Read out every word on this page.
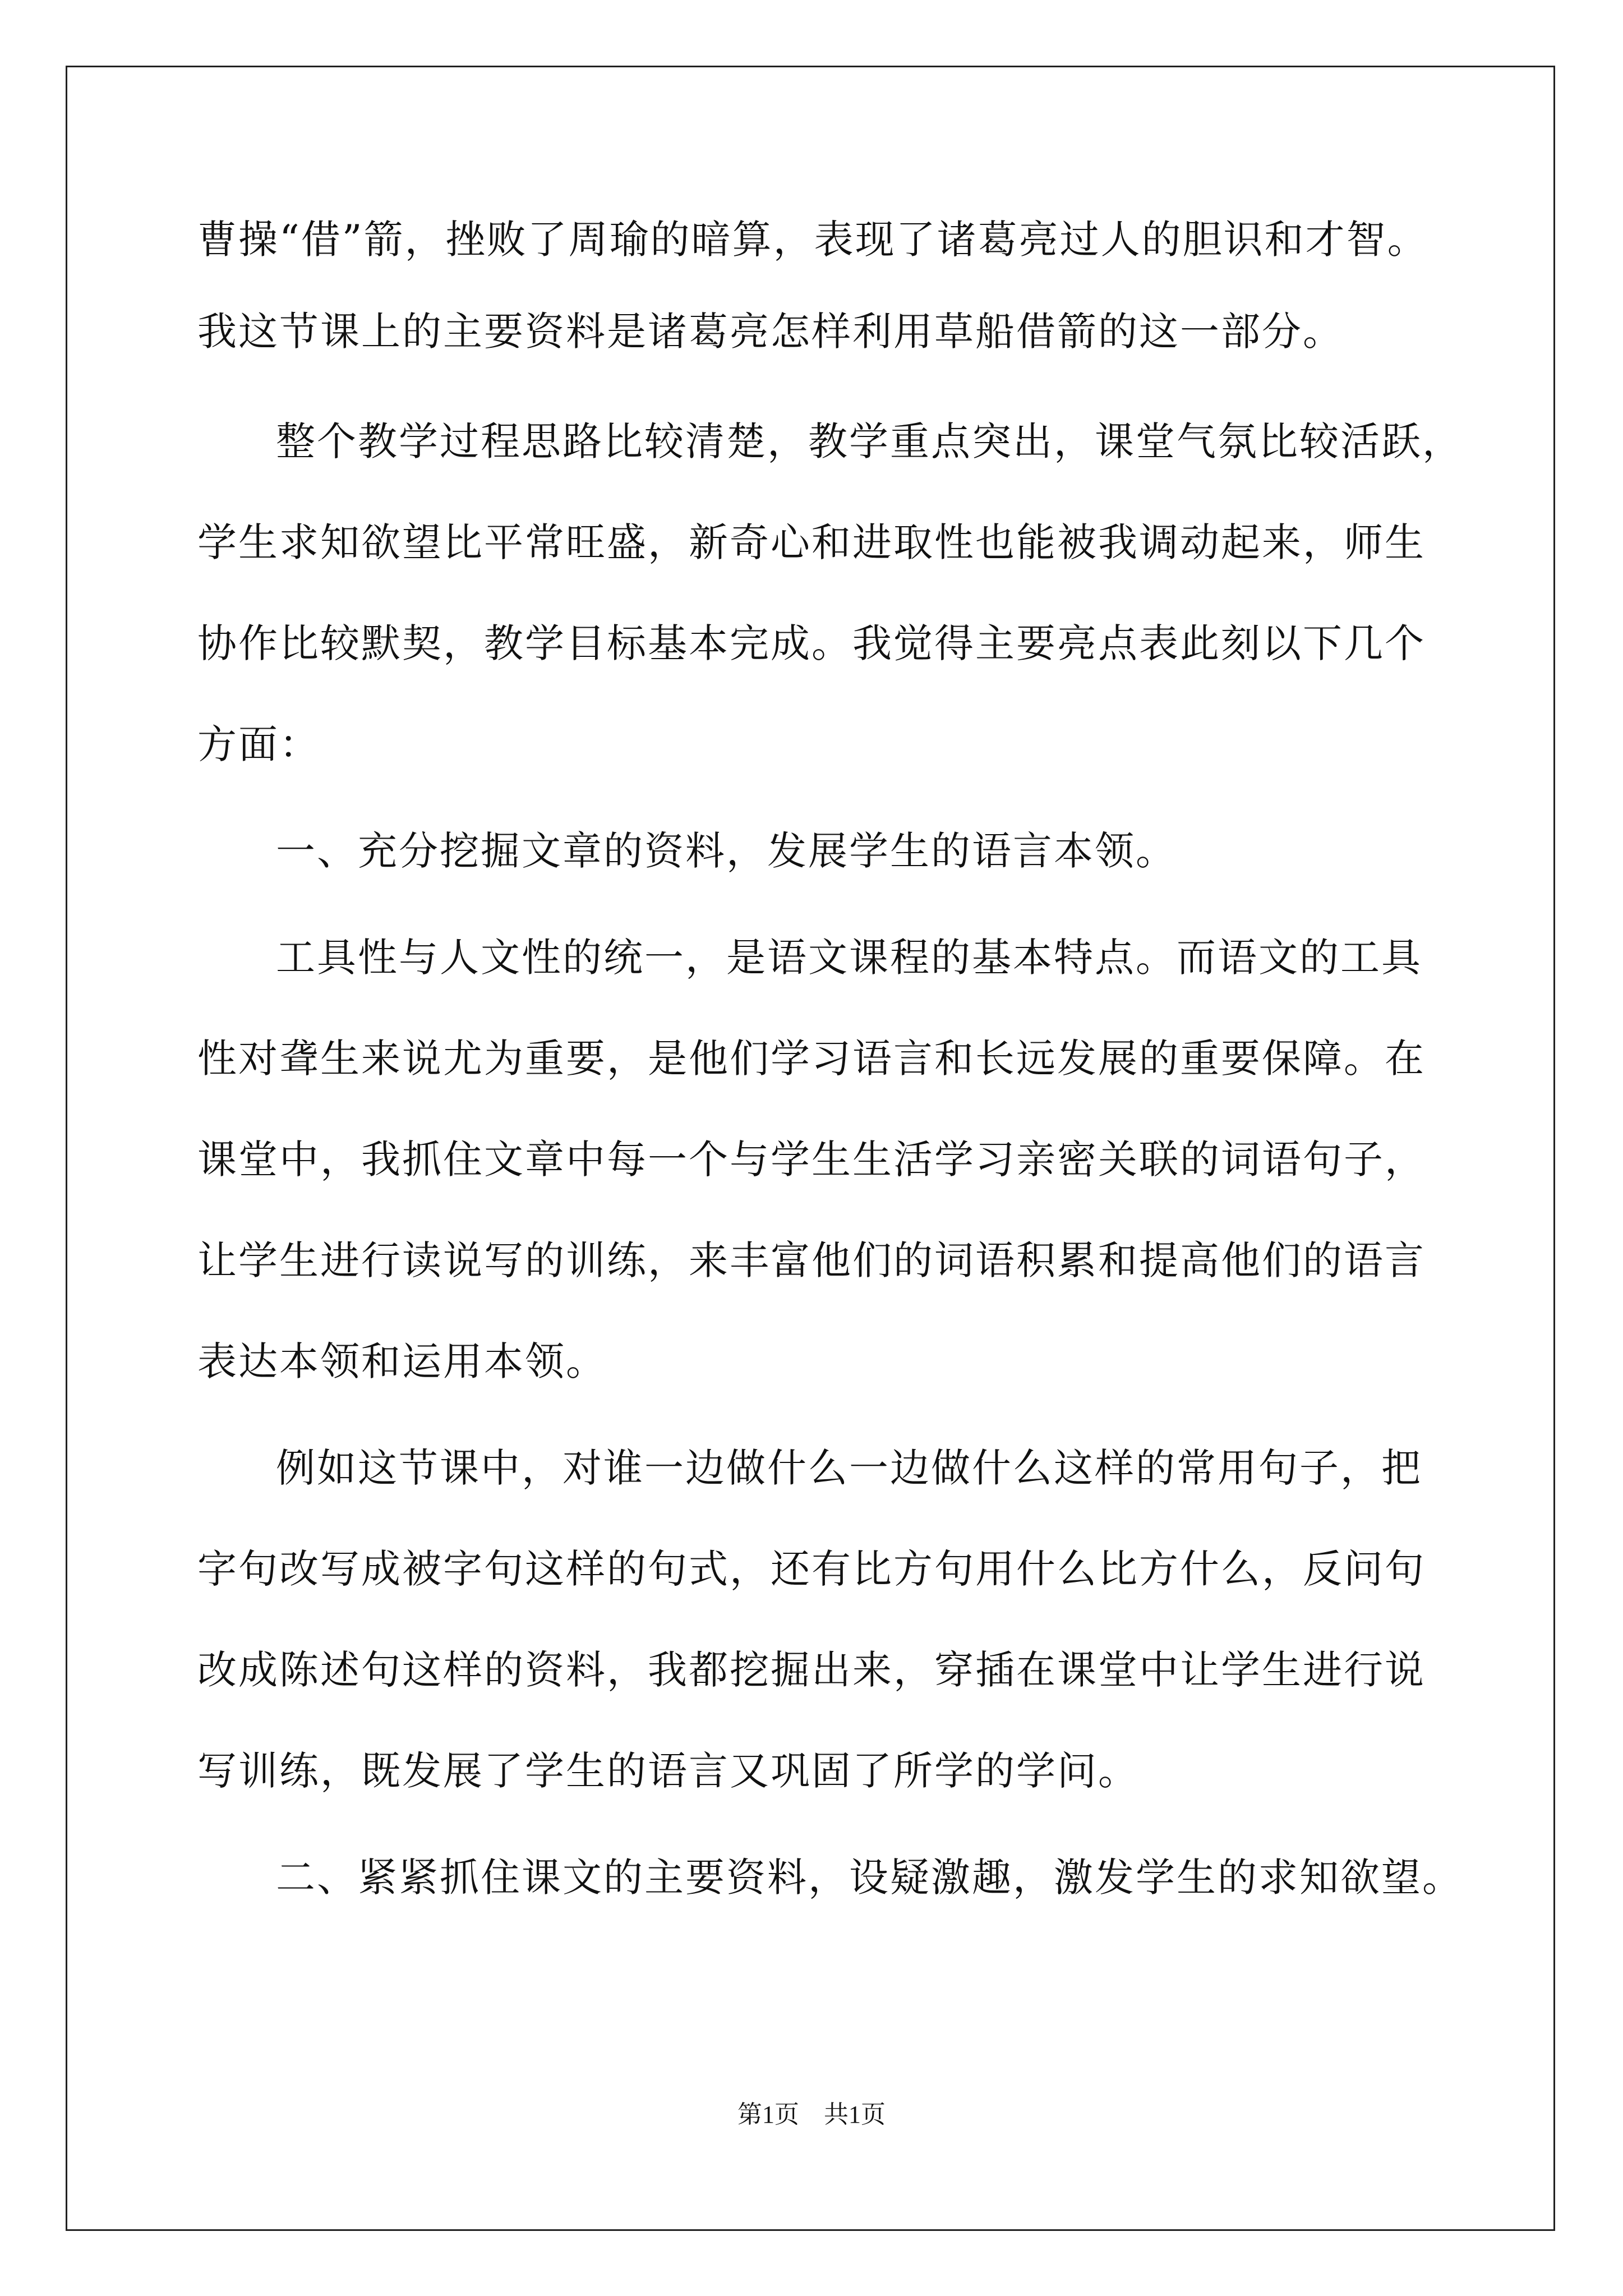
曹操“借”箭，挫败了周瑜的暗算，表现了诸葛亮过人的胆识和才智。
我这节课上的主要资料是诸葛亮怎样利用草船借箭的这一部分。
整个教学过程思路比较清楚，教学重点突出，课堂气氛比较活跃，
学生求知欲望比平常旺盛，新奇心和进取性也能被我调动起来，师生
协作比较默契，教学目标基本完成。我觉得主要亮点表此刻以下几个
方面：
一、充分挖掘文章的资料，发展学生的语言本领。
工具性与人文性的统一，是语文课程的基本特点。而语文的工具
性对聋生来说尤为重要，是他们学习语言和长远发展的重要保障。在
课堂中，我抓住文章中每一个与学生生活学习亲密关联的词语句子，
让学生进行读说写的训练，来丰富他们的词语积累和提高他们的语言
表达本领和运用本领。
例如这节课中，对谁一边做什么一边做什么这样的常用句子，把
字句改写成被字句这样的句式，还有比方句用什么比方什么，反问句
改成陈述句这样的资料，我都挖掘出来，穿插在课堂中让学生进行说
写训练，既发展了学生的语言又巩固了所学的学问。
二、紧紧抓住课文的主要资料，设疑激趣，激发学生的求知欲望。
第1页　共1页
